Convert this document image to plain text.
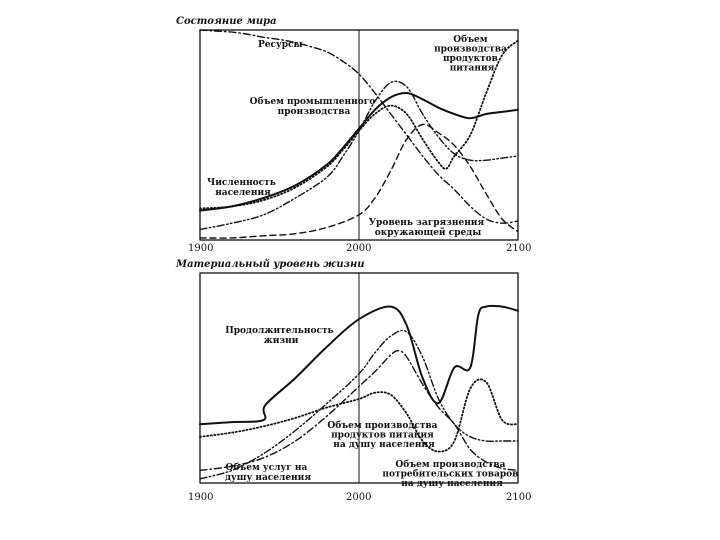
Состояние мира
1900	2000	2100
Ресурсы	Объем производства продуктов питания
Объем промышленного производства
Численность населения
Уровень загрязнения окружающей среды
Материальный уровень жизни
1900	2000	2100
Продолжительность жизни
Объем производства продуктов питания на душу населения
Объем услуг на душу населения
Объем производства потребительских товаров на душу населения
